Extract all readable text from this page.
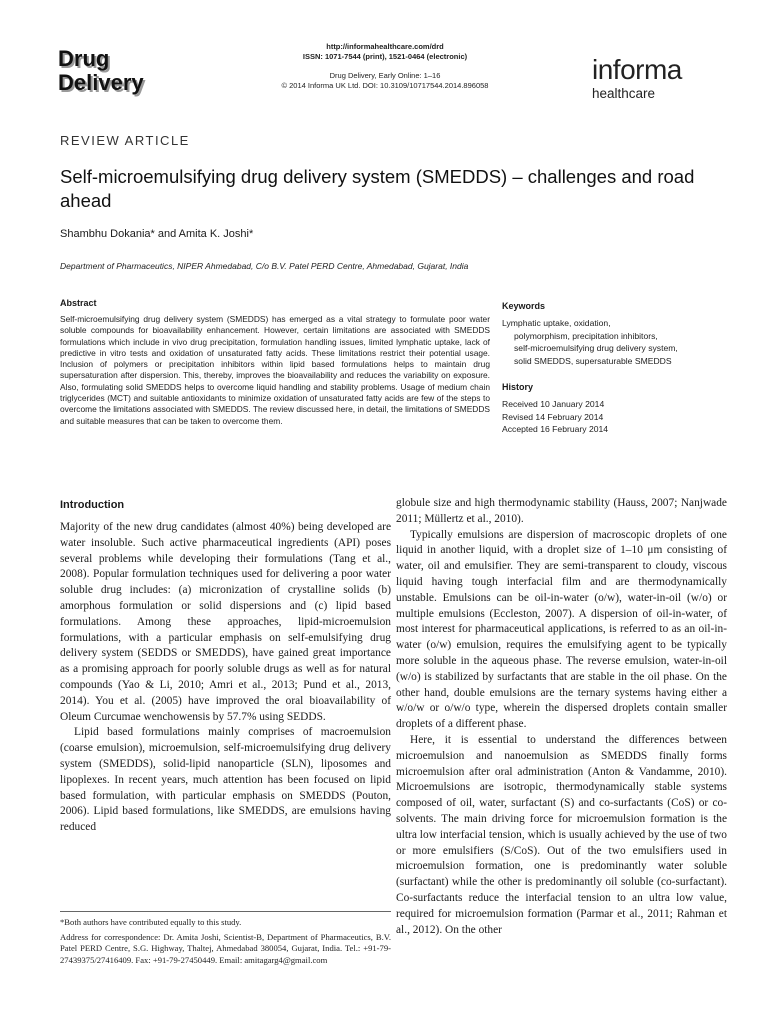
Drug Delivery
http://informahealthcare.com/drd
ISSN: 1071-7544 (print), 1521-0464 (electronic)
Drug Delivery, Early Online: 1–16
© 2014 Informa UK Ltd. DOI: 10.3109/10717544.2014.896058
informa
healthcare
REVIEW ARTICLE
Self-microemulsifying drug delivery system (SMEDDS) – challenges and road ahead
Shambhu Dokania* and Amita K. Joshi*
Department of Pharmaceutics, NIPER Ahmedabad, C/o B.V. Patel PERD Centre, Ahmedabad, Gujarat, India
Abstract
Self-microemulsifying drug delivery system (SMEDDS) has emerged as a vital strategy to formulate poor water soluble compounds for bioavailability enhancement. However, certain limitations are associated with SMEDDS formulations which include in vivo drug precipitation, formulation handling issues, limited lymphatic uptake, lack of predictive in vitro tests and oxidation of unsaturated fatty acids. These limitations restrict their potential usage. Inclusion of polymers or precipitation inhibitors within lipid based formulations helps to maintain drug supersaturation after dispersion. This, thereby, improves the bioavailability and reduces the variability on exposure. Also, formulating solid SMEDDS helps to overcome liquid handling and stability problems. Usage of medium chain triglycerides (MCT) and suitable antioxidants to minimize oxidation of unsaturated fatty acids are few of the steps to overcome the limitations associated with SMEDDS. The review discussed here, in detail, the limitations of SMEDDS and suitable measures that can be taken to overcome them.
Keywords
Lymphatic uptake, oxidation,
polymorphism, precipitation inhibitors,
self-microemulsifying drug delivery system,
solid SMEDDS, supersaturable SMEDDS
History
Received 10 January 2014
Revised 14 February 2014
Accepted 16 February 2014
Introduction

Majority of the new drug candidates (almost 40%) being developed are water insoluble. Such active pharmaceutical ingredients (API) poses several problems while developing their formulations (Tang et al., 2008). Popular formulation techniques used for delivering a poor water soluble drug includes: (a) micronization of crystalline solids (b) amorphous formulation or solid dispersions and (c) lipid based formulations. Among these approaches, lipid-microemulsion formulations, with a particular emphasis on self-emulsifying drug delivery system (SEDDS or SMEDDS), have gained great importance as a promising approach for poorly soluble drugs as well as for natural compounds (Yao & Li, 2010; Amri et al., 2013; Pund et al., 2013, 2014). You et al. (2005) have improved the oral bioavailability of Oleum Curcumae wenchowensis by 57.7% using SEDDS.

Lipid based formulations mainly comprises of macroemulsion (coarse emulsion), microemulsion, self-microemulsifying drug delivery system (SMEDDS), solid-lipid nanoparticle (SLN), liposomes and lipoplexes. In recent years, much attention has been focused on lipid based formulation, with particular emphasis on SMEDDS (Pouton, 2006). Lipid based formulations, like SMEDDS, are emulsions having reduced

globule size and high thermodynamic stability (Hauss, 2007; Nanjwade 2011; Müllertz et al., 2010).

Typically emulsions are dispersion of macroscopic droplets of one liquid in another liquid, with a droplet size of 1–10 μm consisting of water, oil and emulsifier. They are semi-transparent to cloudy, viscous liquid having tough interfacial film and are thermodynamically unstable. Emulsions can be oil-in-water (o/w), water-in-oil (w/o) or multiple emulsions (Eccleston, 2007). A dispersion of oil-in-water, of most interest for pharmaceutical applications, is referred to as an oil-in-water (o/w) emulsion, requires the emulsifying agent to be typically more soluble in the aqueous phase. The reverse emulsion, water-in-oil (w/o) is stabilized by surfactants that are stable in the oil phase. On the other hand, double emulsions are the ternary systems having either a w/o/w or o/w/o type, wherein the dispersed droplets contain smaller droplets of a different phase.

Here, it is essential to understand the differences between microemulsion and nanoemulsion as SMEDDS finally forms microemulsion after oral administration (Anton & Vandamme, 2010). Microemulsions are isotropic, thermodynamically stable systems composed of oil, water, surfactant (S) and co-surfactants (CoS) or co-solvents. The main driving force for microemulsion formation is the ultra low interfacial tension, which is usually achieved by the use of two or more emulsifiers (S/CoS). Out of the two emulsifiers used in microemulsion formation, one is predominantly water soluble (surfactant) while the other is predominantly oil soluble (co-surfactant). Co-surfactants reduce the interfacial tension to an ultra low value, required for microemulsion formation (Parmar et al., 2011; Rahman et al., 2012). On the other

*Both authors have contributed equally to this study.

Address for correspondence: Dr. Amita Joshi, Scientist-B, Department of Pharmaceutics, B.V. Patel PERD Centre, S.G. Highway, Thaltej, Ahmedabad 380054, Gujarat, India. Tel.: +91-79-27439375/27416409. Fax: +91-79-27450449. Email: amitagarg4@gmail.com
